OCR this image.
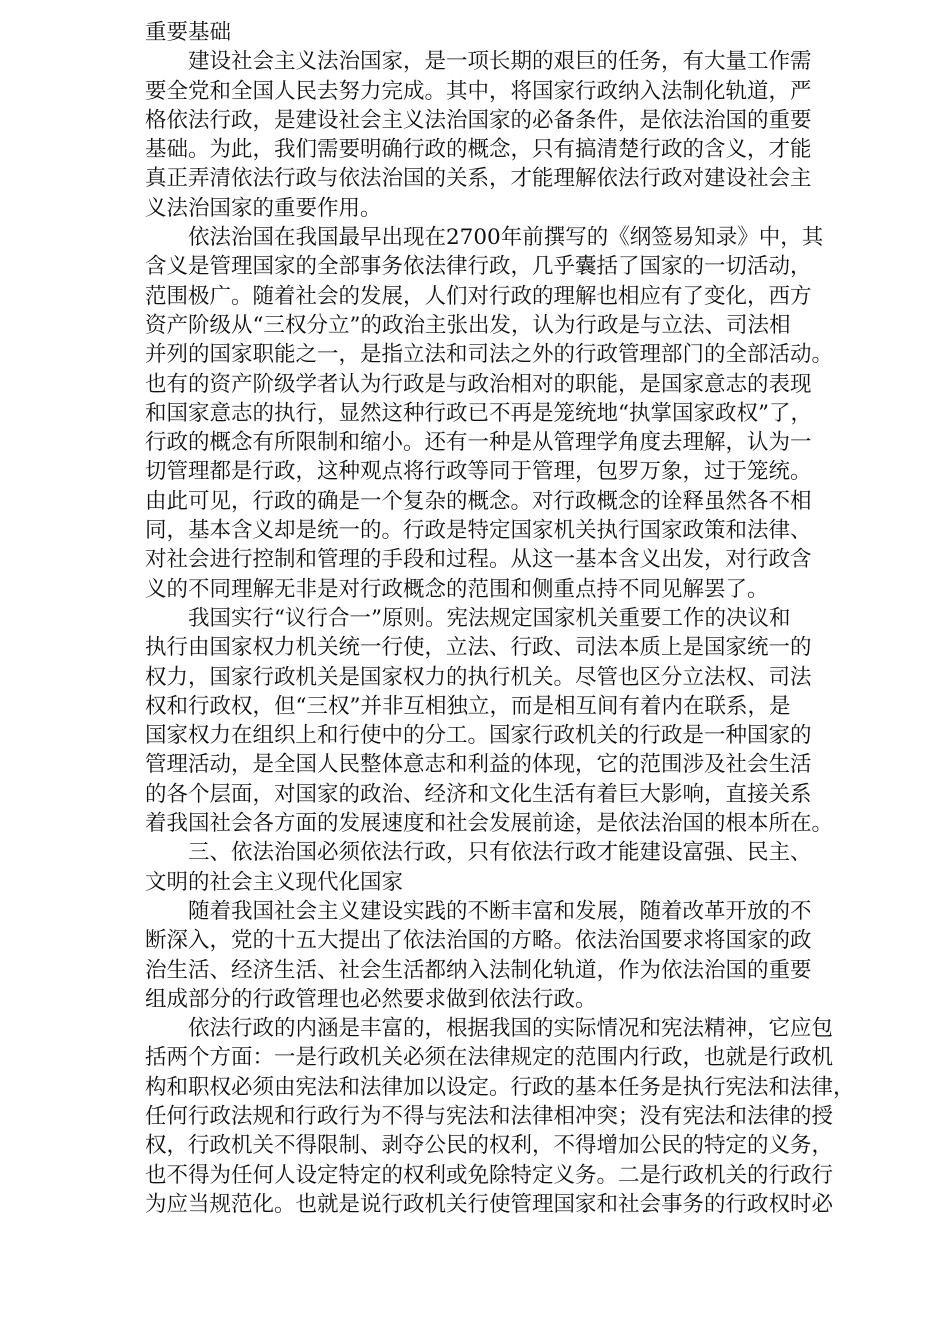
重要基础
建设社会主义法治国家，是一项长期的艰巨的任务，有大量工作需
要全党和全国人民去努力完成。其中，将国家行政纳入法制化轨道，严
格依法行政，是建设社会主义法治国家的必备条件，是依法治国的重要
基础。为此，我们需要明确行政的概念，只有搞清楚行政的含义，才能
真正弄清依法行政与依法治国的关系，才能理解依法行政对建设社会主
义法治国家的重要作用。
依法治国在我国最早出现在2700年前撰写的《纲签易知录》中，其
含义是管理国家的全部事务依法律行政，几乎囊括了国家的一切活动，
范围极广。随着社会的发展，人们对行政的理解也相应有了变化，西方
资产阶级从“三权分立”的政治主张出发，认为行政是与立法、司法相
并列的国家职能之一，是指立法和司法之外的行政管理部门的全部活动。
也有的资产阶级学者认为行政是与政治相对的职能，是国家意志的表现
和国家意志的执行，显然这种行政已不再是笼统地“执掌国家政权”了，
行政的概念有所限制和缩小。还有一种是从管理学角度去理解，认为一
切管理都是行政，这种观点将行政等同于管理，包罗万象，过于笼统。
由此可见，行政的确是一个复杂的概念。对行政概念的诠释虽然各不相
同，基本含义却是统一的。行政是特定国家机关执行国家政策和法律、
对社会进行控制和管理的手段和过程。从这一基本含义出发，对行政含
义的不同理解无非是对行政概念的范围和侧重点持不同见解罢了。
我国实行“议行合一”原则。宪法规定国家机关重要工作的决议和
执行由国家权力机关统一行使，立法、行政、司法本质上是国家统一的
权力，国家行政机关是国家权力的执行机关。尽管也区分立法权、司法
权和行政权，但“三权”并非互相独立，而是相互间有着内在联系，是
国家权力在组织上和行使中的分工。国家行政机关的行政是一种国家的
管理活动，是全国人民整体意志和利益的体现，它的范围涉及社会生活
的各个层面，对国家的政治、经济和文化生活有着巨大影响，直接关系
着我国社会各方面的发展速度和社会发展前途，是依法治国的根本所在。
三、依法治国必须依法行政，只有依法行政才能建设富强、民主、
文明的社会主义现代化国家
随着我国社会主义建设实践的不断丰富和发展，随着改革开放的不
断深入，党的十五大提出了依法治国的方略。依法治国要求将国家的政
治生活、经济生活、社会生活都纳入法制化轨道，作为依法治国的重要
组成部分的行政管理也必然要求做到依法行政。
依法行政的内涵是丰富的，根据我国的实际情况和宪法精神，它应包
括两个方面：一是行政机关必须在法律规定的范围内行政，也就是行政机
构和职权必须由宪法和法律加以设定。行政的基本任务是执行宪法和法律，
任何行政法规和行政行为不得与宪法和法律相冲突；没有宪法和法律的授
权，行政机关不得限制、剥夺公民的权利，不得增加公民的特定的义务，
也不得为任何人设定特定的权利或免除特定义务。二是行政机关的行政行
为应当规范化。也就是说行政机关行使管理国家和社会事务的行政权时必
